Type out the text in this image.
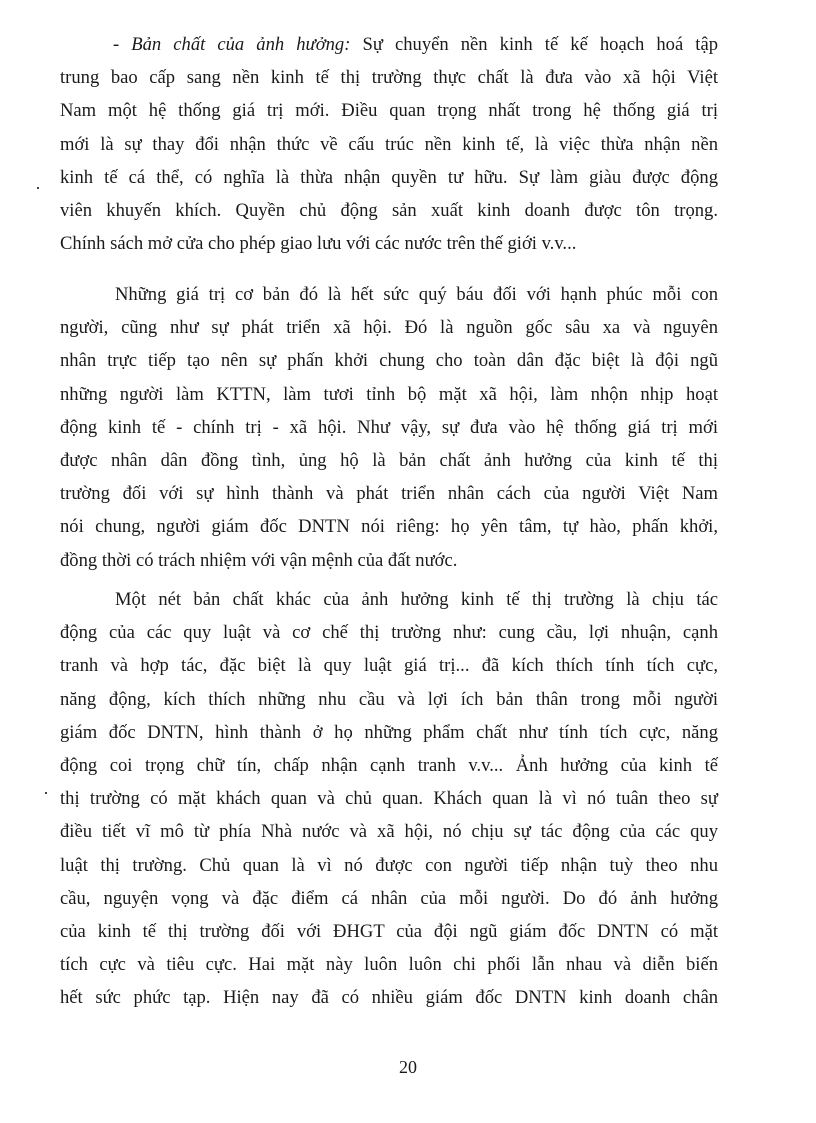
- Bản chất của ảnh hưởng: Sự chuyển nền kinh tế kế hoạch hoá tập
trung bao cấp sang nền kinh tế thị trường thực chất là đưa vào xã hội Việt
Nam một hệ thống giá trị mới. Điều quan trọng nhất trong hệ thống giá trị
mới là sự thay đổi nhận thức về cấu trúc nền kinh tế, là việc thừa nhận nền
kinh tế cá thể, có nghĩa là thừa nhận quyền tư hữu. Sự làm giàu được động
viên khuyến khích. Quyền chủ động sản xuất kinh doanh được tôn trọng.
Chính sách mở cửa cho phép giao lưu với các nước trên thế giới v.v...
Những giá trị cơ bản đó là hết sức quý báu đối với hạnh phúc mỗi con
người, cũng như sự phát triển xã hội. Đó là nguồn gốc sâu xa và nguyên
nhân trực tiếp tạo nên sự phấn khởi chung cho toàn dân đặc biệt là đội ngũ
những người làm KTTN, làm tươi tỉnh bộ mặt xã hội, làm nhộn nhịp hoạt
động kinh tế - chính trị - xã hội. Như vậy, sự đưa vào hệ thống giá trị mới
được nhân dân đồng tình, ủng hộ là bản chất ảnh hưởng của kinh tế thị
trường đối với sự hình thành và phát triển nhân cách của người Việt Nam
nói chung, người giám đốc DNTN nói riêng: họ yên tâm, tự hào, phấn khởi,
đồng thời có trách nhiệm với vận mệnh của đất nước.
Một nét bản chất khác của ảnh hưởng kinh tế thị trường là chịu tác
động của các quy luật và cơ chế thị trường như: cung cầu, lợi nhuận, cạnh
tranh và hợp tác, đặc biệt là quy luật giá trị... đã kích thích tính tích cực,
năng động, kích thích những nhu cầu và lợi ích bản thân trong mỗi người
giám đốc DNTN, hình thành ở họ những phẩm chất như tính tích cực, năng
động coi trọng chữ tín, chấp nhận cạnh tranh v.v... Ảnh hưởng của kinh tế
thị trường có mặt khách quan và chủ quan. Khách quan là vì nó tuân theo sự
điều tiết vĩ mô từ phía Nhà nước và xã hội, nó chịu sự tác động của các quy
luật thị trường. Chủ quan là vì nó được con người tiếp nhận tuỳ theo nhu
cầu, nguyện vọng và đặc điểm cá nhân của mỗi người. Do đó ảnh hưởng
của kinh tế thị trường đối với ĐHGT của đội ngũ giám đốc DNTN có mặt
tích cực và tiêu cực. Hai mặt này luôn luôn chi phối lẫn nhau và diễn biến
hết sức phức tạp. Hiện nay đã có nhiều giám đốc DNTN kinh doanh chân
20
